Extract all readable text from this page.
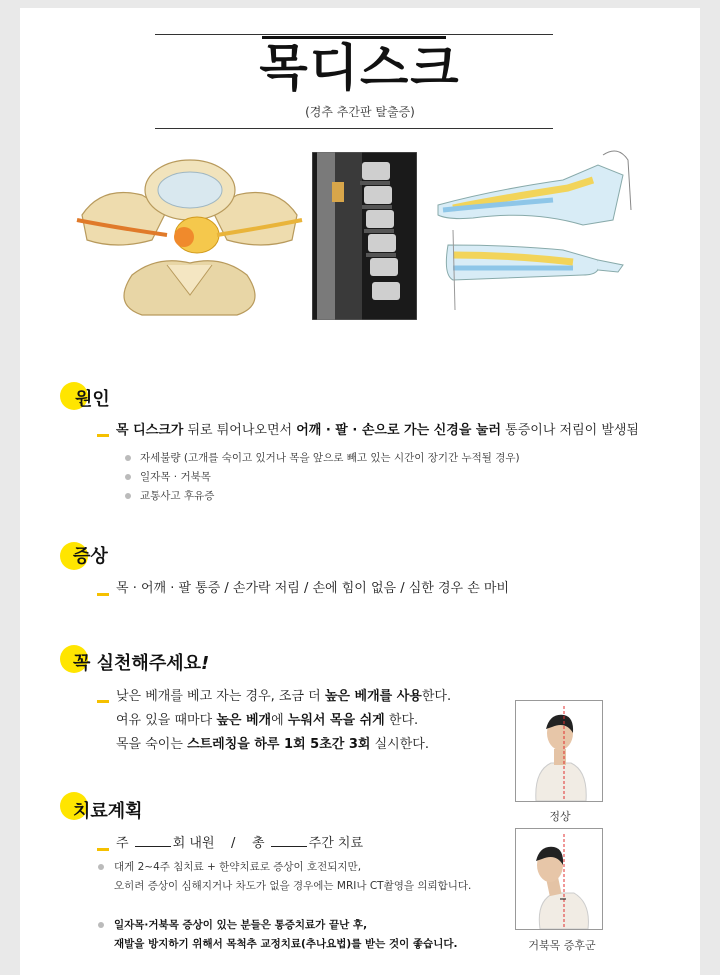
목디스크
(경추 추간판 탈출증)
원인
목 디스크가 뒤로 튀어나오면서 어깨 · 팔 · 손으로 가는 신경을 눌러 통증이나 저림이 발생됨
자세불량 (고개를 숙이고 있거나 목을 앞으로 빼고 있는 시간이 장기간 누적될 경우)
일자목 · 거북목
교통사고 후유증
증상
목 · 어깨 · 팔 통증 / 손가락 저림 / 손에 힘이 없음 / 심한 경우 손 마비
꼭 실천해주세요!
낮은 베개를 베고 자는 경우, 조금 더 높은 베개를 사용한다.
여유 있을 때마다 높은 베개에 누워서 목을 쉬게 한다.
목을 숙이는 스트레칭을 하루 1회 5초간 3회 실시한다.
치료계획
주	회 내원 / 총	주간 치료
대게 2~4주 침치료 + 한약치료로 증상이 호전되지만,
오히려 증상이 심해지거나 차도가 없을 경우에는 MRI나 CT촬영을 의뢰합니다.
일자목·거북목 증상이 있는 분들은 통증치료가 끝난 후,
재발을 방지하기 위해서 목척추 교정치료(추나요법)를 받는 것이 좋습니다.
정상
거북목 증후군
